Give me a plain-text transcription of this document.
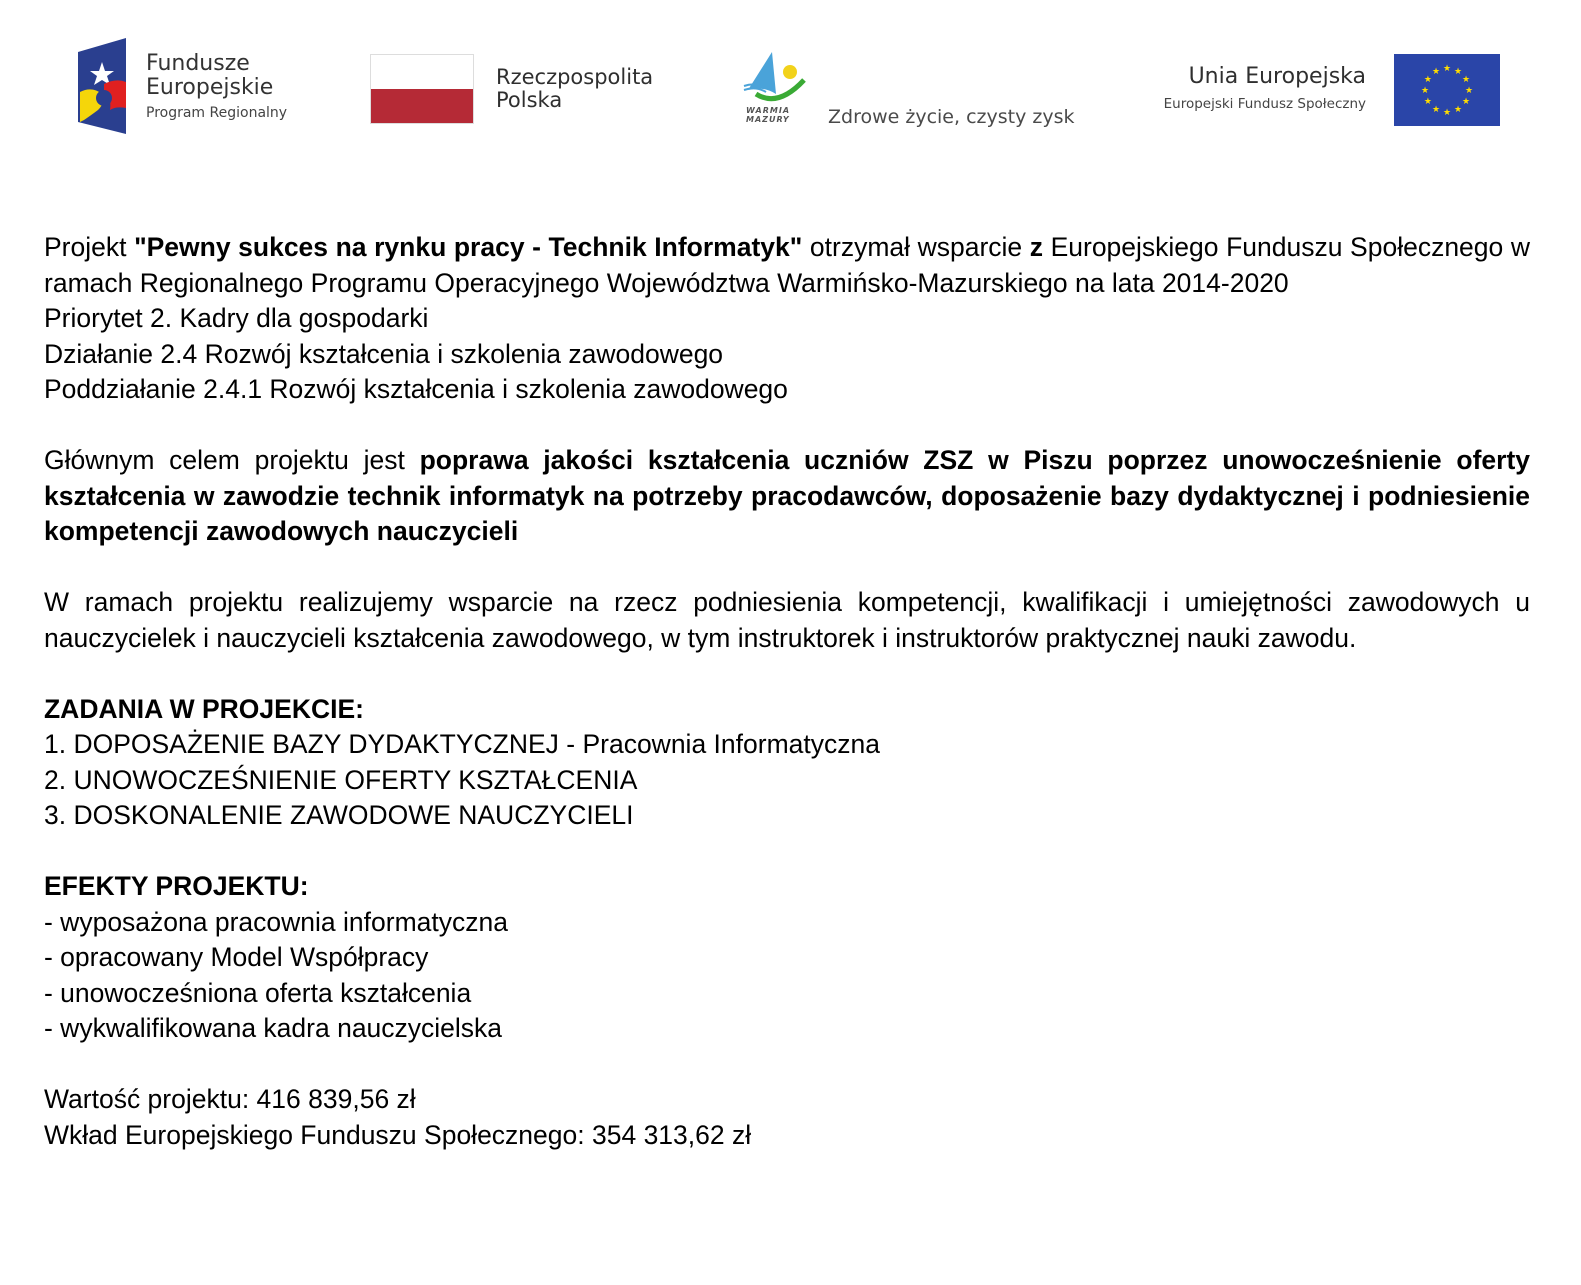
Fundusze
Europejskie
Program Regionalny
Rzeczpospolita
Polska	WARMIA
MAZURY Zdrowe życie, czysty zysk
Unia Europejska
Europejski Fundusz Społeczny
★ ★
★
★
★
★
★
★
★
★
★
★

Projekt "Pewny sukces na rynku pracy - Technik Informatyk" otrzymał wsparcie z Europejskiego Funduszu Społecznego w ramach Regionalnego Programu Operacyjnego Województwa Warmińsko-Mazurskiego na lata 2014-2020

Priorytet 2. Kadry dla gospodarki

Działanie 2.4 Rozwój kształcenia i szkolenia zawodowego

Poddziałanie 2.4.1 Rozwój kształcenia i szkolenia zawodowego

Głównym celem projektu jest poprawa jakości kształcenia uczniów ZSZ w Piszu poprzez unowocześnienie oferty kształcenia w zawodzie technik informatyk na potrzeby pracodawców, doposażenie bazy dydaktycznej i podniesienie kompetencji zawodowych nauczycieli

W ramach projektu realizujemy wsparcie na rzecz podniesienia kompetencji, kwalifikacji i umiejętności zawodowych u nauczycielek i nauczycieli kształcenia zawodowego, w tym instruktorek i instruktorów praktycznej nauki zawodu.

ZADANIA W PROJEKCIE:

1. DOPOSAŻENIE BAZY DYDAKTYCZNEJ - Pracownia Informatyczna

2. UNOWOCZEŚNIENIE OFERTY KSZTAŁCENIA

3. DOSKONALENIE ZAWODOWE NAUCZYCIELI

EFEKTY PROJEKTU:

- wyposażona pracownia informatyczna

- opracowany Model Współpracy

- unowocześniona oferta kształcenia

- wykwalifikowana kadra nauczycielska

Wartość projektu: 416 839,56 zł

Wkład Europejskiego Funduszu Społecznego: 354 313,62 zł
